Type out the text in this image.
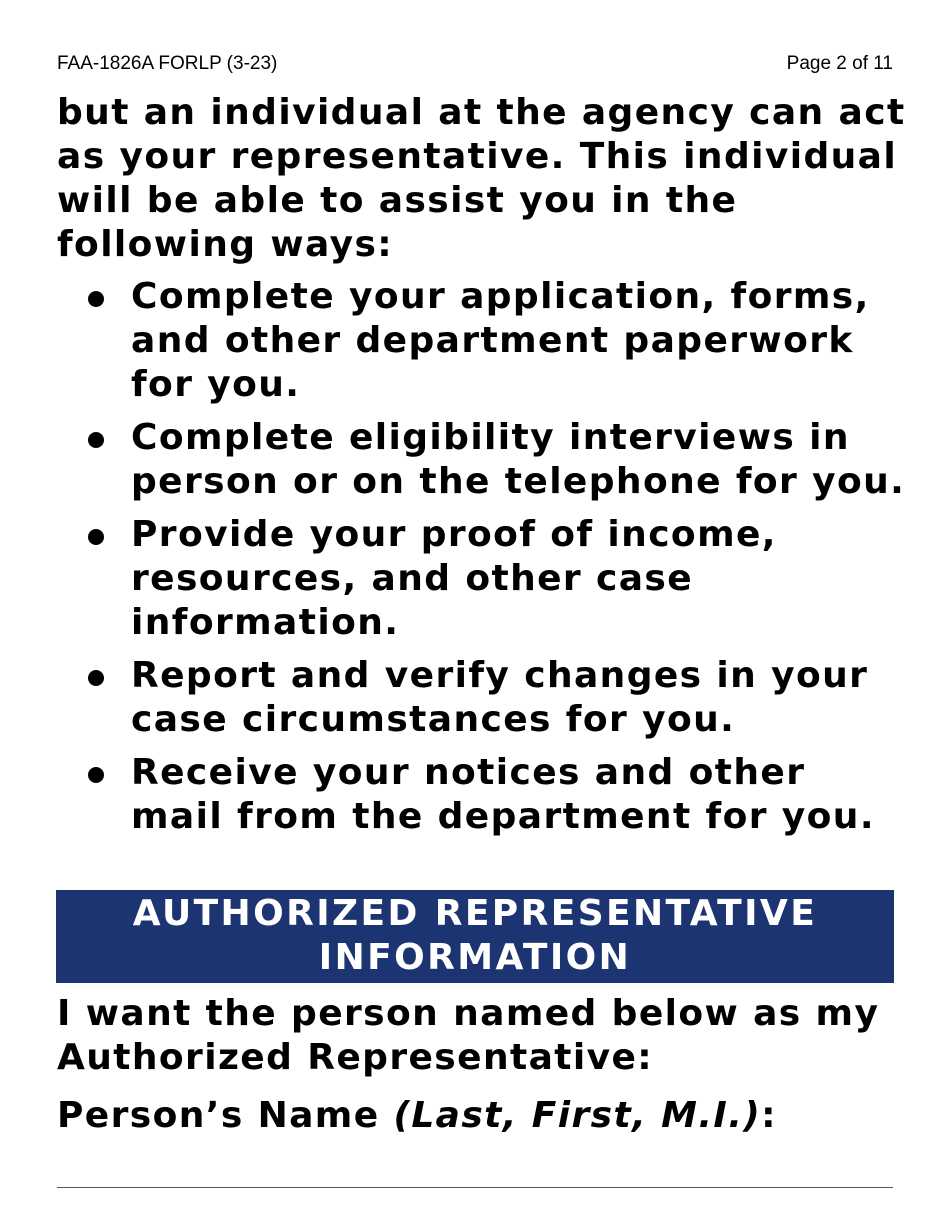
FAA-1826A FORLP (3-23)	Page 2 of 11

but an individual at the agency can act as your representative. This individual will be able to assist you in the following ways:

Complete your application, forms, and other department paperwork for you.
Complete eligibility interviews in person or on the telephone for you.
Provide your proof of income, resources, and other case information.
Report and verify changes in your case circumstances for you.
Receive your notices and other mail from the department for you.
AUTHORIZED REPRESENTATIVE
INFORMATION

I want the person named below as my Authorized Representative:

Person’s Name (Last, First, M.I.):
